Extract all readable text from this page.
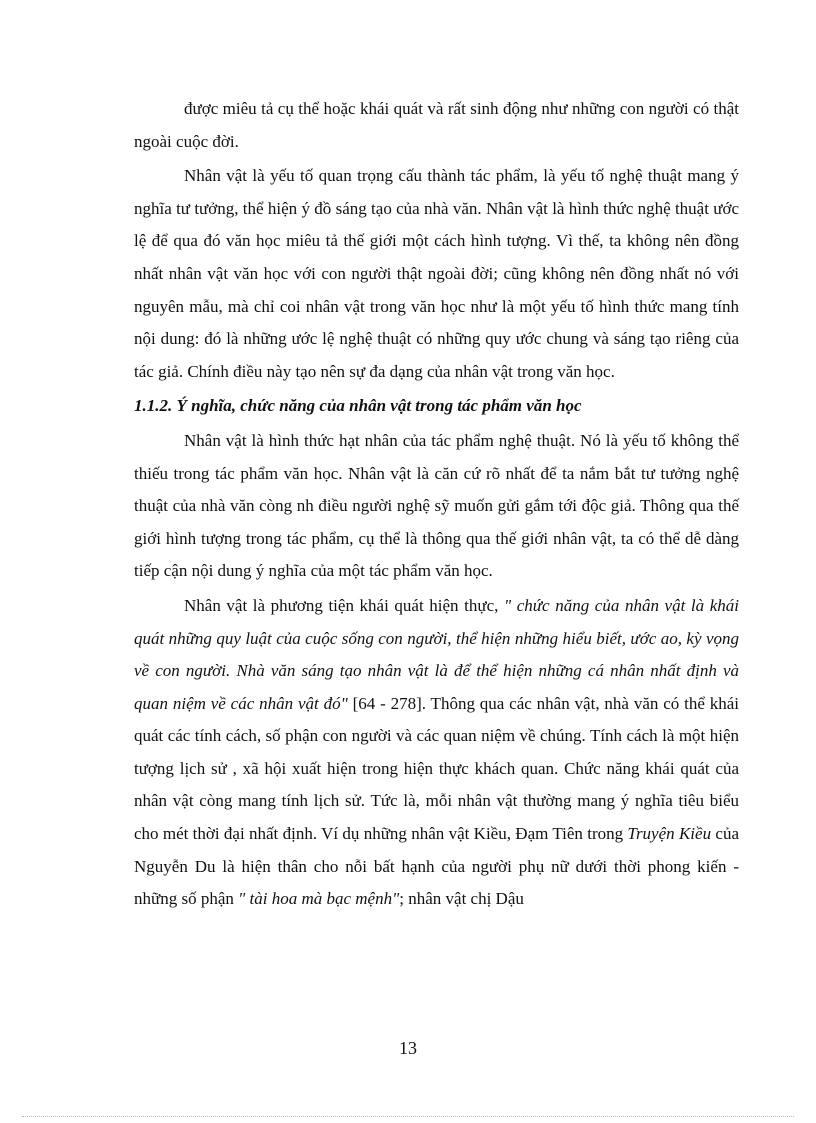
được miêu tả cụ thể hoặc khái quát và rất sinh động như những con người có thật ngoài cuộc đời.

Nhân vật là yếu tố quan trọng cấu thành tác phẩm, là yếu tố nghệ thuật mang ý nghĩa tư tưởng, thể hiện ý đồ sáng tạo của nhà văn. Nhân vật là hình thức nghệ thuật ước lệ để qua đó văn học miêu tả thế giới một cách hình tượng. Vì thế, ta không nên đồng nhất nhân vật văn học với con người thật ngoài đời; cũng không nên đồng nhất nó với nguyên mẫu, mà chỉ coi nhân vật trong văn học như là một yếu tố hình thức mang tính nội dung: đó là những ước lệ nghệ thuật có những quy ước chung và sáng tạo riêng của tác giả. Chính điều này tạo nên sự đa dạng của nhân vật trong văn học.

1.1.2. Ý nghĩa, chức năng của nhân vật trong tác phẩm văn học

Nhân vật là hình thức hạt nhân của tác phẩm nghệ thuật. Nó là yếu tố không thể thiếu trong tác phẩm văn học. Nhân vật là căn cứ rõ nhất để ta nắm bắt tư tưởng nghệ thuật của nhà văn còng nh điều người nghệ sỹ muốn gửi gắm tới độc giả. Thông qua thế giới hình tượng trong tác phẩm, cụ thể là thông qua thế giới nhân vật, ta có thể dễ dàng tiếp cận nội dung ý nghĩa của một tác phẩm văn học.

Nhân vật là phương tiện khái quát hiện thực, " chức năng của nhân vật là khái quát những quy luật của cuộc sống con người, thể hiện những hiểu biết, ước ao, kỳ vọng về con người. Nhà văn sáng tạo nhân vật là để thể hiện những cá nhân nhất định và quan niệm về các nhân vật đó" [64 - 278]. Thông qua các nhân vật, nhà văn có thể khái quát các tính cách, số phận con người và các quan niệm về chúng. Tính cách là một hiện tượng lịch sử , xã hội xuất hiện trong hiện thực khách quan. Chức năng khái quát của nhân vật còng mang tính lịch sử. Tức là, mỗi nhân vật thường mang ý nghĩa tiêu biểu cho mét thời đại nhất định. Ví dụ những nhân vật Kiều, Đạm Tiên trong Truyện Kiều của Nguyễn Du là hiện thân cho nỗi bất hạnh của người phụ nữ dưới thời phong kiến - những số phận " tài hoa mà bạc mệnh"; nhân vật chị Dậu

13
